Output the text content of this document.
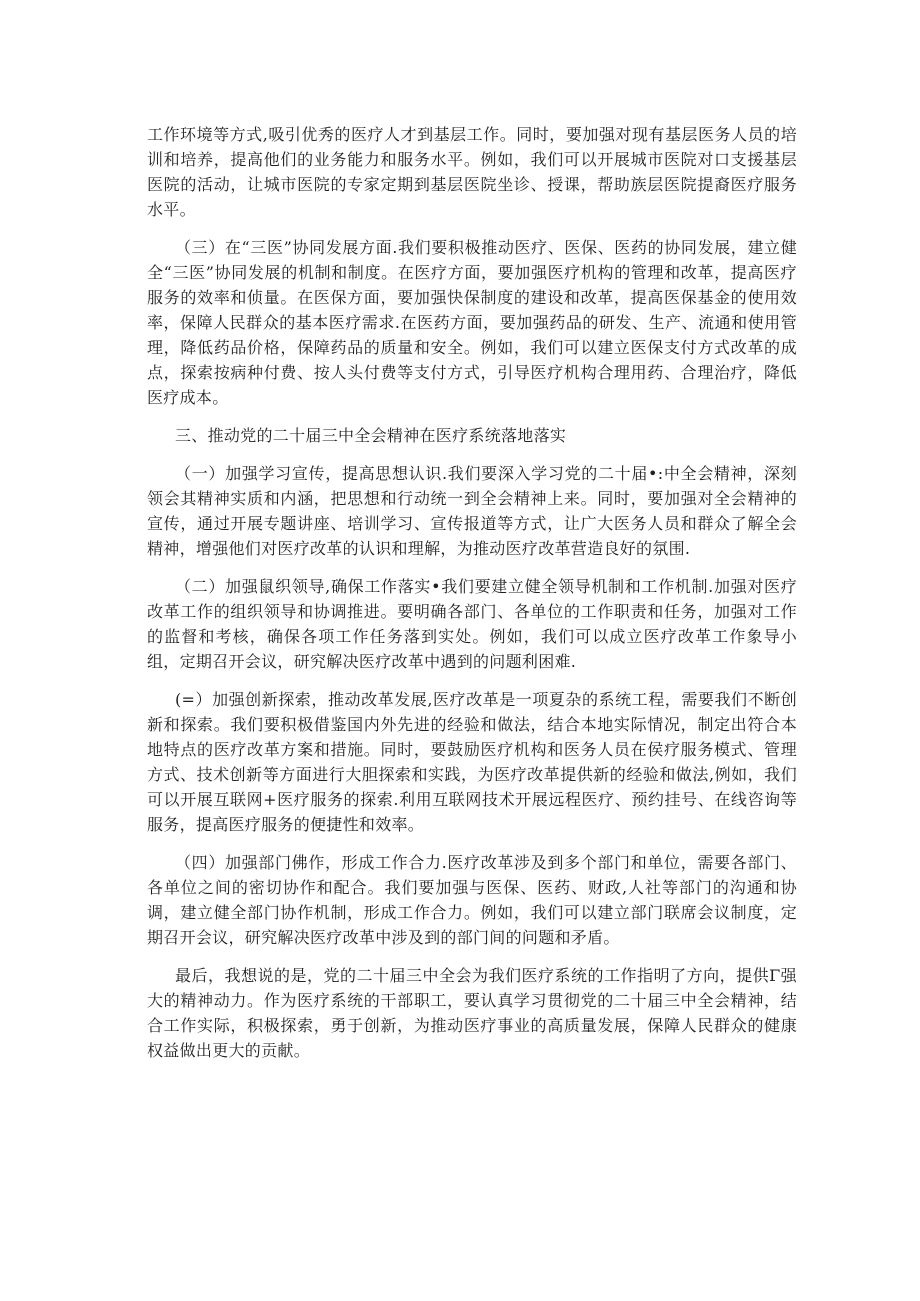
工作环境等方式,吸引优秀的医疗人才到基层工作。同时，要加强对现有基层医务人员的培训和培养，提高他们的业务能力和服务水平。例如，我们可以开展城市医院对口支援基层医院的活动，让城市医院的专家定期到基层医院坐诊、授课，帮助族层医院提裔医疗服务水平。

（三）在“三医”协同发展方面.我们要积极推动医疗、医保、医药的协同发展，建立健全“三医”协同发展的机制和制度。在医疗方面，要加强医疗机构的管理和改革，提高医疗服务的效率和侦量。在医保方面，要加强快保制度的建设和改革，提高医保基金的使用效率，保障人民群众的基本医疗需求.在医药方面，要加强药品的研发、生产、流通和使用管理，降低药品价格，保障药品的质量和安全。例如，我们可以建立医保支付方式改革的成点，探索按病种付费、按人头付费等支付方式，引导医疗机构合理用药、合理治疗，降低医疗成本。

三、推动党的二十届三中全会精神在医疗系统落地落实

（一）加强学习宣传，提高思想认识.我们要深入学习党的二十届•:中全会精神，深刻领会其精神实质和内涵，把思想和行动统一到全会精神上来。同时，要加强对全会精神的宣传，通过开展专题讲座、培训学习、宣传报道等方式，让广大医务人员和群众了解全会精神，增强他们对医疗改革的认识和理解，为推动医疗改革营造良好的氛围.

（二）加强鼠织领导,确保工作落实•我们要建立健全领导机制和工作机制.加强对医疗改革工作的组织领导和协调推进。要明确各部门、各单位的工作职责和任务，加强对工作的监督和考核，确保各项工作任务落到实处。例如，我们可以成立医疗改革工作象导小组，定期召开会议，研究解决医疗改革中遇到的问题利困难.

(=）加强创新探索，推动改革发展,医疗改革是一项夏杂的系统工程，需要我们不断创新和探索。我们要积极借鉴国内外先进的经验和做法，结合本地实际情况，制定出符合本地特点的医疗改革方案和措施。同时，要鼓励医疗机构和医务人员在侯疗服务模式、管理方式、技术创新等方面进行大胆探索和实践，为医疗改革提供新的经验和做法,例如，我们可以开展互联网+医疗服务的探索.利用互联网技术开展远程医疗、预约挂号、在线咨询等服务，提高医疗服务的便捷性和效率。

（四）加强部门佛作，形成工作合力.医疗改革涉及到多个部门和单位，需要各部门、各单位之间的密切协作和配合。我们要加强与医保、医药、财政,人社等部门的沟通和协调，建立健全部门协作机制，形成工作合力。例如，我们可以建立部门联席会议制度，定期召开会议，研究解决医疗改革中涉及到的部门间的问题和矛盾。

最后，我想说的是，党的二十届三中全会为我们医疗系统的工作指明了方向，提供Γ强大的精神动力。作为医疗系统的干部职工，要认真学习贯彻党的二十届三中全会精神，结合工作实际，积极探索，勇于创新，为推动医疗事业的高质量发展，保障人民群众的健康权益做出更大的贡献。
